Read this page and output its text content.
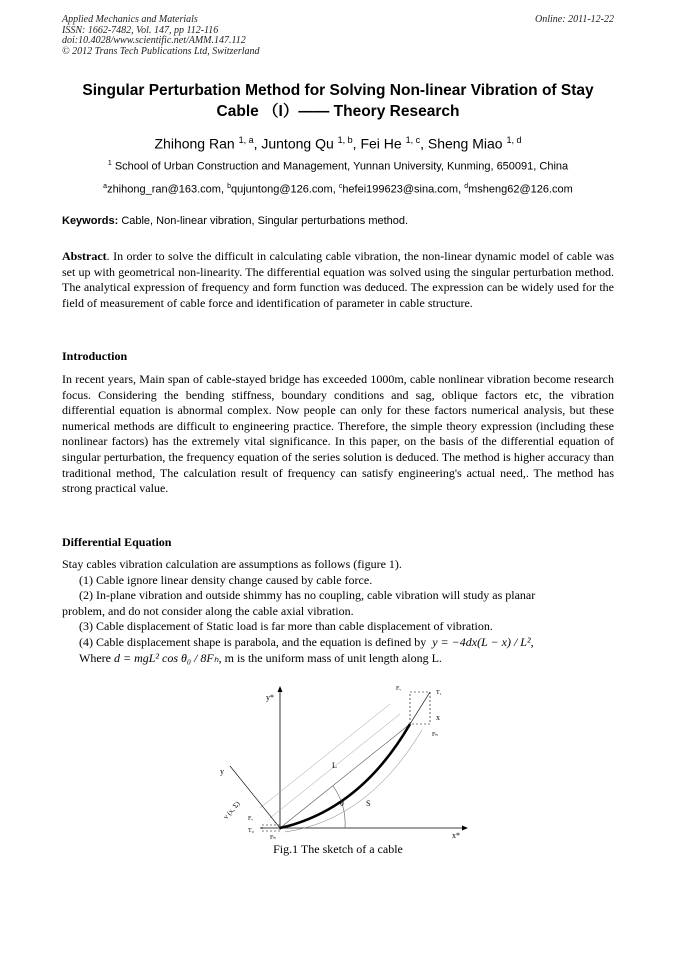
Applied Mechanics and Materials
ISSN: 1662-7482, Vol. 147, pp 112-116
doi:10.4028/www.scientific.net/AMM.147.112
© 2012 Trans Tech Publications Ltd, Switzerland
Online: 2011-12-22
Singular Perturbation Method for Solving Non-linear Vibration of Stay
Cable （I）—— Theory Research
Zhihong Ran $^{1, a}$, Juntong Qu $^{1, b}$, Fei He $^{1, c}$, Sheng Miao $^{1, d}$
$^1$ School of Urban Construction and Management, Yunnan University, Kunming, 650091, China
$^a$zhihong_ran@163.com, $^b$qujuntong@126.com, $^c$hefei199623@sina.com, $^d$msheng62@126.com
Keywords: Cable, Non-linear vibration, Singular perturbations method.
Abstract. In order to solve the difficult in calculating cable vibration, the non-linear dynamic model of cable was set up with geometrical non-linearity. The differential equation was solved using the singular perturbation method. The analytical expression of frequency and form function was deduced. The expression can be widely used for the field of measurement of cable force and identification of parameter in cable structure.
Introduction
In recent years, Main span of cable-stayed bridge has exceeded 1000m, cable nonlinear vibration become research focus. Considering the bending stiffness, boundary conditions and sag, oblique factors etc, the vibration differential equation is abnormal complex. Now people can only for these factors numerical analysis, but these numerical methods are difficult to engineering practice. Therefore, the simple theory expression (including these nonlinear factors) has the extremely vital significance. In this paper, on the basis of the differential equation of singular perturbation, the frequency equation of the series solution is deduced. The method is higher accuracy than traditional method, The calculation result of frequency can satisfy engineering's actual need,. The method has strong practical value.
Differential Equation
Stay cables vibration calculation are assumptions as follows (figure 1).
(1) Cable ignore linear density change caused by cable force.
(2) In-plane vibration and outside shimmy has no coupling, cable vibration will study as planar
problem, and do not consider along the cable axial vibration.
(3) Cable displacement of Static load is far more than cable displacement of vibration.
(4) Cable displacement shape is parabola, and the equation is defined by y = −4dx(L − x) / L²,
Where d = mgL² cos θ₀ / 8Fₕ, m is the uniform mass of unit length along L.
y*
x*
y
x
v (x, Σ)
L
S
θ
Fᵥ
T₁
Fₕ
Fᵥ
T₀
Fₕ
Fig.1 The sketch of a cable
